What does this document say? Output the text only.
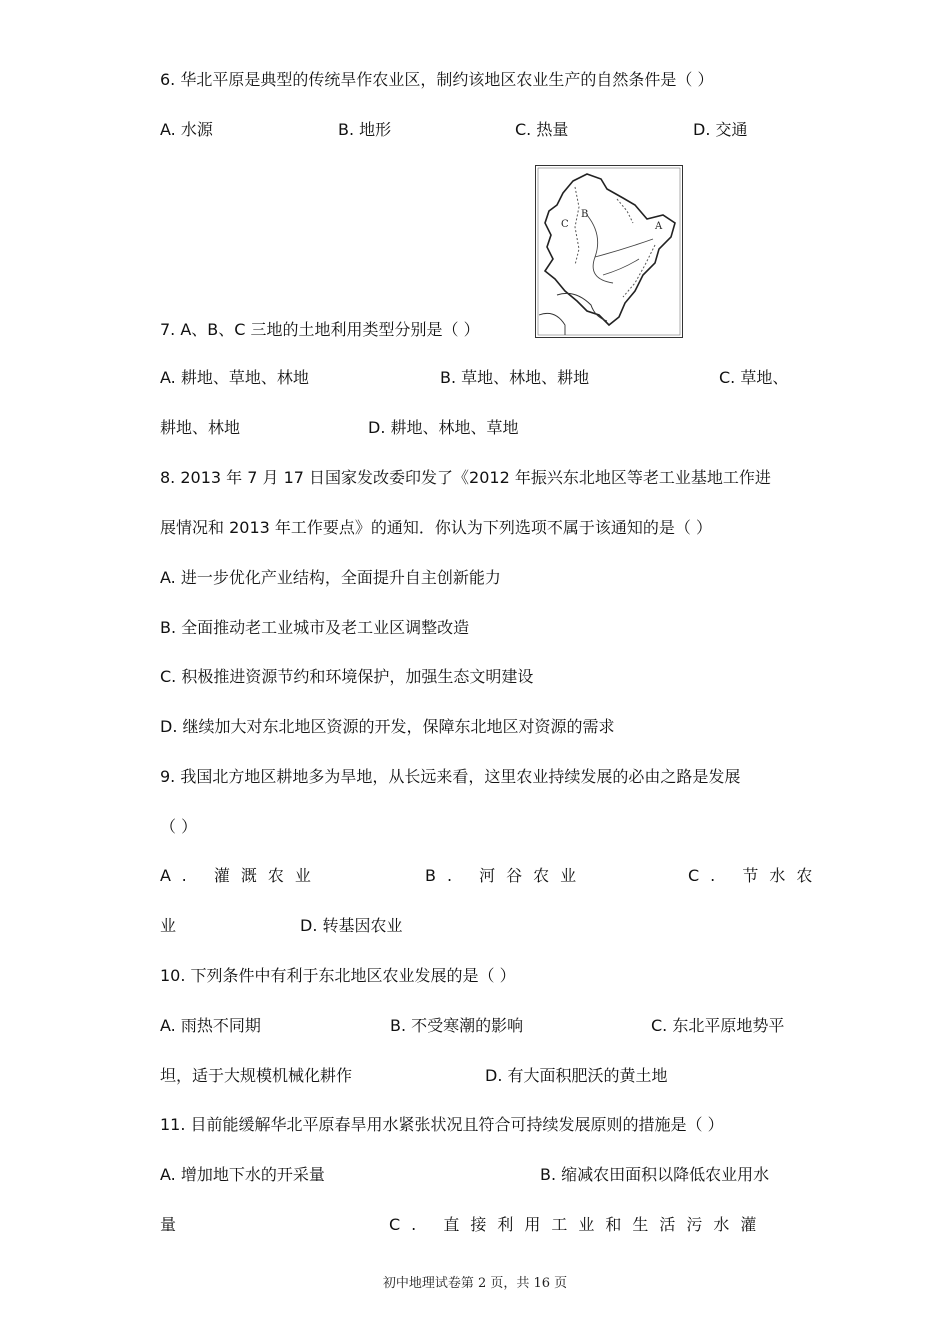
6. 华北平原是典型的传统旱作农业区，制约该地区农业生产的自然条件是（ ）
A. 水源	B. 地形	C. 热量	D. 交通
C
B
A
7. A、B、C 三地的土地利用类型分别是（ ）
A. 耕地、草地、林地	B. 草地、林地、耕地	C. 草地、
耕地、林地	D. 耕地、林地、草地
8. 2013 年 7 月 17 日国家发改委印发了《2012 年振兴东北地区等老工业基地工作进
展情况和 2013 年工作要点》的通知．你认为下列选项不属于该通知的是（ ）
A. 进一步优化产业结构，全面提升自主创新能力
B. 全面推动老工业城市及老工业区调整改造
C. 积极推进资源节约和环境保护，加强生态文明建设
D. 继续加大对东北地区资源的开发，保障东北地区对资源的需求
9. 我国北方地区耕地多为旱地，从长远来看，这里农业持续发展的必由之路是发展
（ ）
A. 灌溉农业	B. 河谷农业	C. 节水农
业	D. 转基因农业
10. 下列条件中有利于东北地区农业发展的是（ ）
A. 雨热不同期	B. 不受寒潮的影响	C. 东北平原地势平
坦，适于大规模机械化耕作	D. 有大面积肥沃的黄土地
11. 目前能缓解华北平原春旱用水紧张状况且符合可持续发展原则的措施是（ ）
A. 增加地下水的开采量	B. 缩减农田面积以降低农业用水
量	C. 直接利用工业和生活污水灌
初中地理试卷第 2 页，共 16 页
